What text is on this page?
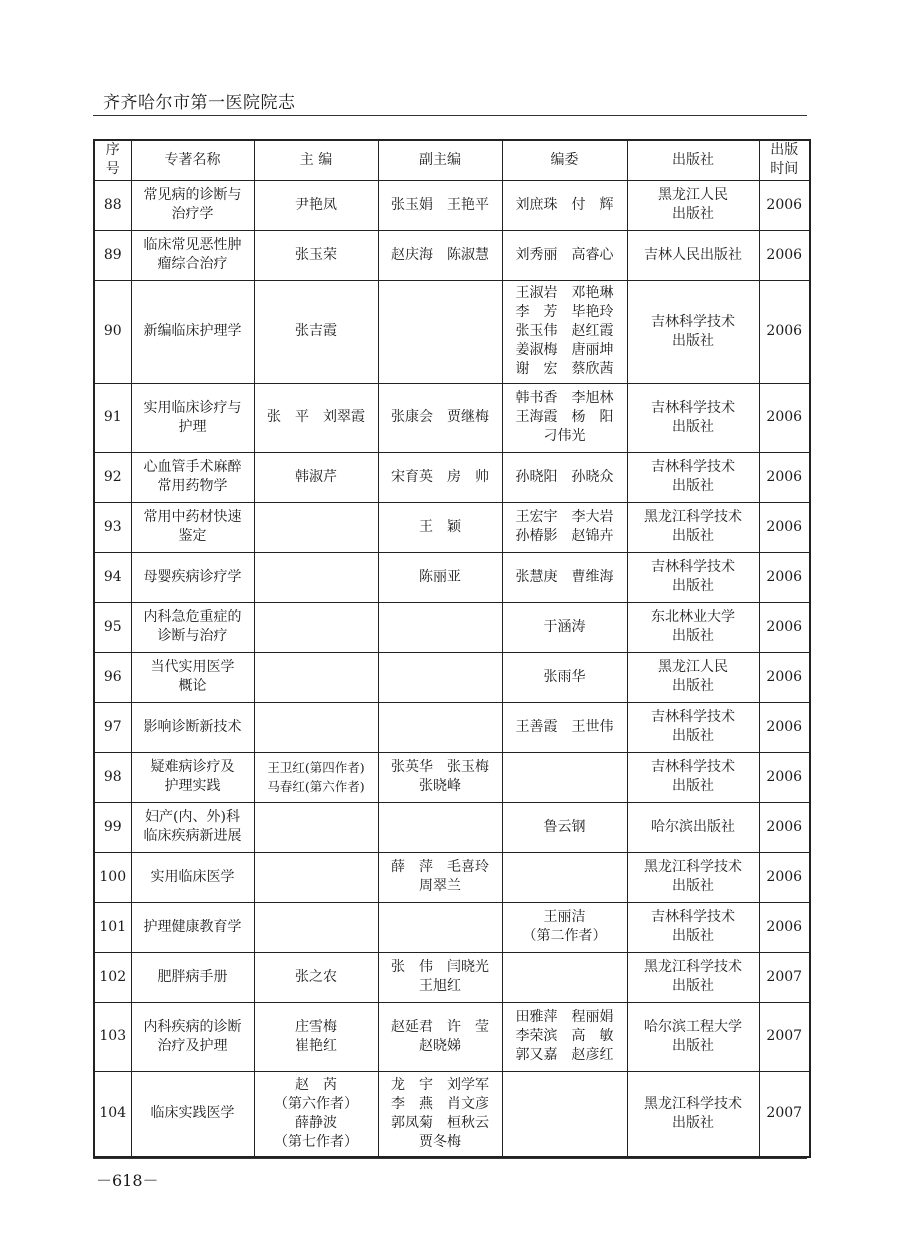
齐齐哈尔市第一医院院志
序
号	专著名称	主 编	副主编	编委	出版社	出版
时间
88	常见病的诊断与
治疗学	尹艳凤	张玉娟　王艳平	刘庶珠　付　辉	黑龙江人民
出版社	2006
89	临床常见恶性肿
瘤综合治疗	张玉荣	赵庆海　陈淑慧	刘秀丽　高睿心	吉林人民出版社	2006
90	新编临床护理学	张吉霞		王淑岩　邓艳琳
李　芳　毕艳玲
张玉伟　赵红霞
姜淑梅　唐丽坤
谢　宏　蔡欣茜	吉林科学技术
出版社	2006
91	实用临床诊疗与
护理	张　平　刘翠霞	张康会　贾继梅	韩书香　李旭林
王海霞　杨　阳
刁伟光	吉林科学技术
出版社	2006
92	心血管手术麻醉
常用药物学	韩淑芹	宋育英　房　帅	孙晓阳　孙晓众	吉林科学技术
出版社	2006
93	常用中药材快速
鉴定		王　颖	王宏宇　李大岩
孙椿影　赵锦卉	黑龙江科学技术
出版社	2006
94	母婴疾病诊疗学		陈丽亚	张慧庚　曹维海	吉林科学技术
出版社	2006
95	内科急危重症的
诊断与治疗			于涵涛	东北林业大学
出版社	2006
96	当代实用医学
概论			张雨华	黑龙江人民
出版社	2006
97	影响诊断新技术			王善霞　王世伟	吉林科学技术
出版社	2006
98	疑难病诊疗及
护理实践	王卫红(第四作者)
马春红(第六作者)	张英华　张玉梅
张晓峰		吉林科学技术
出版社	2006
99	妇产(内、外)科
临床疾病新进展			鲁云钢	哈尔滨出版社	2006
100	实用临床医学		薛　萍　毛喜玲
周翠兰		黑龙江科学技术
出版社	2006
101	护理健康教育学			王丽洁
（第二作者）	吉林科学技术
出版社	2006
102	肥胖病手册	张之农	张　伟　闫晓光
王旭红		黑龙江科学技术
出版社	2007
103	内科疾病的诊断
治疗及护理	庄雪梅
崔艳红	赵延君　许　莹
赵晓娣	田雅萍　程丽娟
李荣滨　高　敏
郭又嘉　赵彦红	哈尔滨工程大学
出版社	2007
104	临床实践医学	赵　芮
（第六作者）
薛静波
（第七作者）	龙　宇　刘学军
李　燕　肖文彦
郭凤菊　桓秋云
贾冬梅		黑龙江科学技术
出版社	2007
－618－
